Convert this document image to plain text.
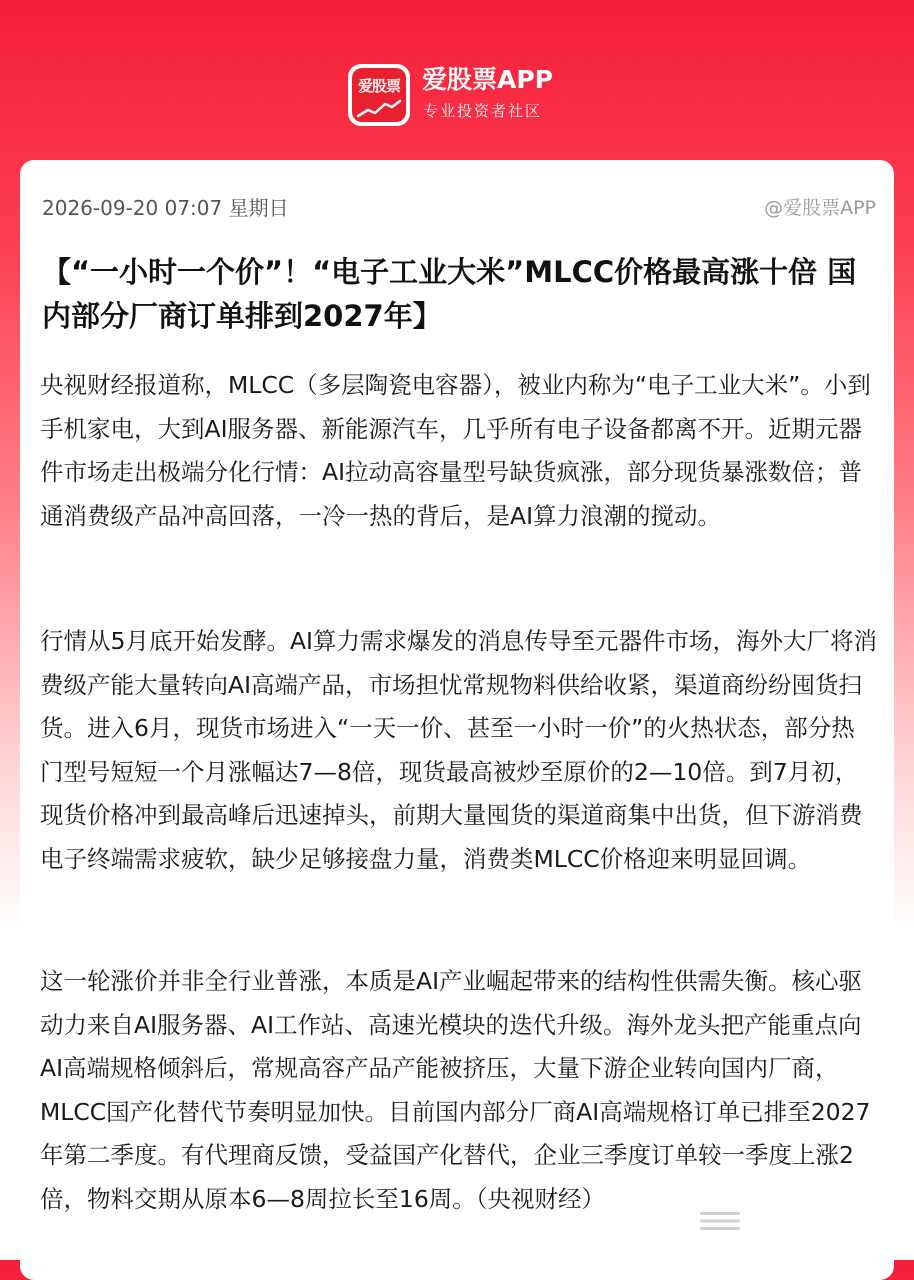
爱股票 爱股票APP
专业投资者社区
2026-09-20 07:07 星期日	@爱股票APP
【“一小时一个价”！“电子工业大米”MLCC价格最高涨十倍 国内部分厂商订单排到2027年】

央视财经报道称，MLCC（多层陶瓷电容器），被业内称为“电子工业大米”。小到手机家电，大到AI服务器、新能源汽车，几乎所有电子设备都离不开。近期元器件市场走出极端分化行情：AI拉动高容量型号缺货疯涨，部分现货暴涨数倍；普通消费级产品冲高回落，一冷一热的背后，是AI算力浪潮的搅动。

行情从5月底开始发酵。AI算力需求爆发的消息传导至元器件市场，海外大厂将消费级产能大量转向AI高端产品，市场担忧常规物料供给收紧，渠道商纷纷囤货扫货。进入6月，现货市场进入“一天一价、甚至一小时一价”的火热状态，部分热门型号短短一个月涨幅达7—8倍，现货最高被炒至原价的2—10倍。到7月初，现货价格冲到最高峰后迅速掉头，前期大量囤货的渠道商集中出货，但下游消费电子终端需求疲软，缺少足够接盘力量，消费类MLCC价格迎来明显回调。

这一轮涨价并非全行业普涨，本质是AI产业崛起带来的结构性供需失衡。核心驱动力来自AI服务器、AI工作站、高速光模块的迭代升级。海外龙头把产能重点向AI高端规格倾斜后，常规高容产品产能被挤压，大量下游企业转向国内厂商，MLCC国产化替代节奏明显加快。目前国内部分厂商AI高端规格订单已排至2027年第二季度。有代理商反馈，受益国产化替代，企业三季度订单较一季度上涨2倍，物料交期从原本6—8周拉长至16周。（央视财经）
